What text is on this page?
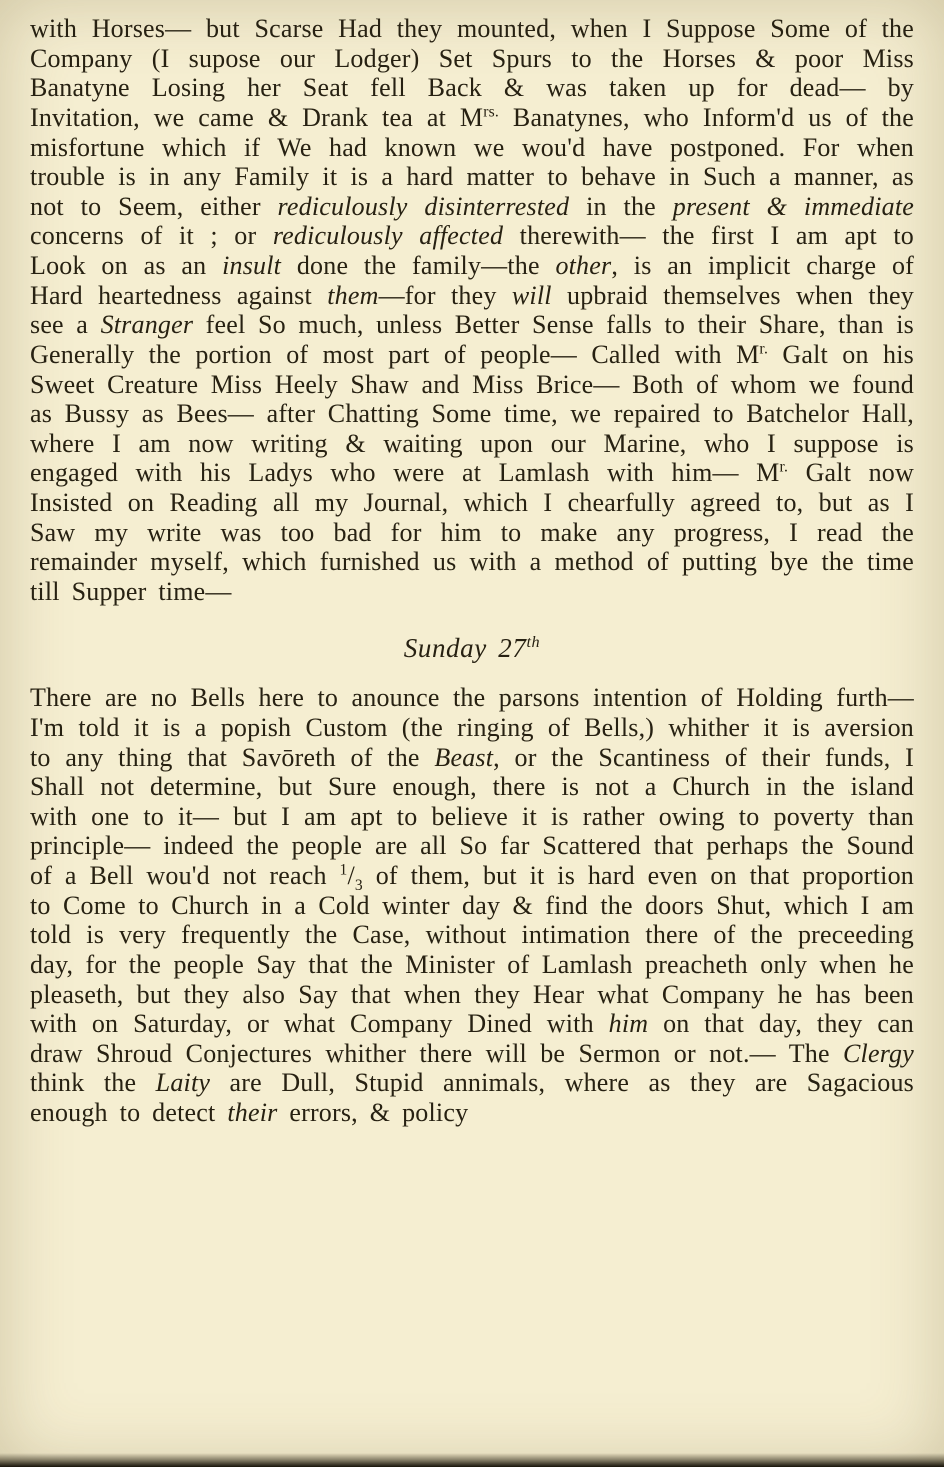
with Horses— but Scarse Had they mounted, when I Suppose Some of the Company (I supose our Lodger) Set Spurs to the Horses & poor Miss Banatyne Losing her Seat fell Back & was taken up for dead— by Invitation, we came & Drank tea at $M^{rs.}$ Banatynes, who Inform'd us of the misfortune which if We had known we wou'd have postponed. For when trouble is in any Family it is a hard matter to behave in Such a manner, as not to Seem, either rediculously disinterrested in the present & immediate concerns of it ; or rediculously affected therewith— the first I am apt to Look on as an insult done the family—the other, is an implicit charge of Hard heartedness against them—for they will upbraid themselves when they see a Stranger feel So much, unless Better Sense falls to their Share, than is Generally the portion of most part of people— Called with $M^{r.}$ Galt on his Sweet Creature Miss Heely Shaw and Miss Brice— Both of whom we found as Bussy as Bees— after Chatting Some time, we repaired to Batchelor Hall, where I am now writing & waiting upon our Marine, who I suppose is engaged with his Ladys who were at Lamlash with him— $M^{r.}$ Galt now Insisted on Reading all my Journal, which I chearfully agreed to, but as I Saw my write was too bad for him to make any progress, I read the remainder myself, which furnished us with a method of putting bye the time till Supper time—

Sunday 27th

There are no Bells here to anounce the parsons intention of Holding furth— I'm told it is a popish Custom (the ringing of Bells,) whither it is aversion to any thing that Savōreth of the Beast, or the Scantiness of their funds, I Shall not determine, but Sure enough, there is not a Church in the island with one to it— but I am apt to believe it is rather owing to poverty than principle— indeed the people are all So far Scattered that perhaps the Sound of a Bell wou'd not reach $^1/_3$ of them, but it is hard even on that proportion to Come to Church in a Cold winter day & find the doors Shut, which I am told is very frequently the Case, without intimation there of the preceeding day, for the people Say that the Minister of Lamlash preacheth only when he pleaseth, but they also Say that when they Hear what Company he has been with on Saturday, or what Company Dined with him on that day, they can draw Shroud Conjectures whither there will be Sermon or not.— The Clergy think the Laity are Dull, Stupid annimals, where as they are Sagacious enough to detect their errors, & policy
